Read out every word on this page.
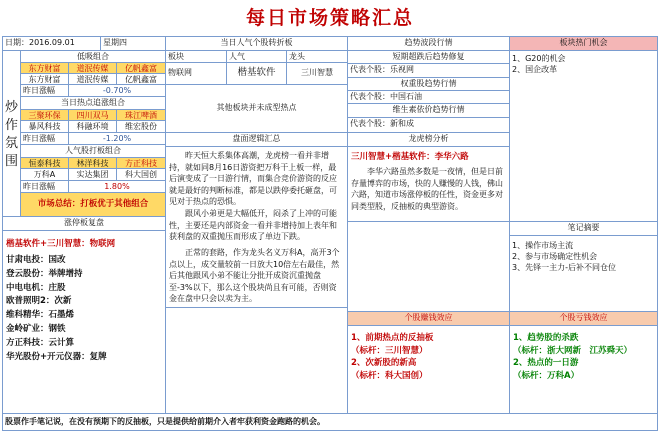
每日市场策略汇总
日期：2016.09.01	星期四	当日人气个股转折板	趋势波段行情	板块热门机会
炒作氛围
低吸组合
东方财富	道泯传媒	亿帆鑫富
东方财富	道泯传媒	亿帆鑫富
昨日涨幅	-0.70%
当日热点追涨组合
三聚环保	四川双马	珠江啤酒
暴风科技	科融环境	维宏股份
昨日涨幅	-1.20%
人气股打板组合
恒泰科技	林洋科技	方正科技
万科A	实达集团	科大国创
昨日涨幅	1.80%
市场总结：打板优于其他组合
板块	人气	龙头
物联网	楷基软件	三川智慧
其他板块并未成型热点
短期超跌后趋势修复
代表个股：乐视网
权重股趋势行情
代表个股：中国石油
维生素依价趋势行情
代表个股：新和成
1、G20的机会
2、国企改革
盘面逻辑汇总
昨天恒大系集体高潮，龙虎榜一看并非增持，就如同8月16日游资把万科干上板一样，最后演变成了一日游行情，而集合竞价游资的反应就是最好的判断标准，都是以跌停委托砸盘，可见对于热点的恐惧。
跟风小弟更是大幅低开，闷杀了上冲的可能性，主要还是内部资金一看并非增持加上表年和获利盘的双重抛压而形成了单边下跌。
正常的套路，作为龙头名义万科A，高开3个点以上，成交量较前一日放大10倍左右最佳，然后其他跟风小弟不能让分批开成资沉重抛盘至-3%以下，那么这个股块尚且有可能，否则资金在盘中只会以卖为主。
龙虎榜分析
三川智慧+楷基软件：李华六路
李华六路虽然多数是一夜情，但是日前存量博弈的市场，快的人赚慢的人钱，佛山六路，知道市场涨停板的任性，资金更多对同类型股，反抽板的典型游资。
涨停板复盘
楷基软件+三川智慧：物联网
甘肃电投：国改
登云股份：举牌增持
中电电机：庄股
欧普照明2：次新
维科精华：石墨烯
金岭矿业：钢铁
方正科技：云计算
华光股份+开元仪器：复牌
笔记摘要
1、操作市场主流
2、参与市场确定性机会
3、先铎一主力-后补不同仓位
个股赚钱效应
1、前期热点的反抽板
（标杆：三川智慧）
2、次新股的新高
（标杆：科大国创）
个股亏钱效应
1、趋势股的杀跌
（标杆：浙大网新　江苏舜天）
2、热点的一日游
（标杆：万科A）
股票作手笔记说，在没有预期下的反抽板，只是提供给前期介入者牢获利资金跑路的机会。
